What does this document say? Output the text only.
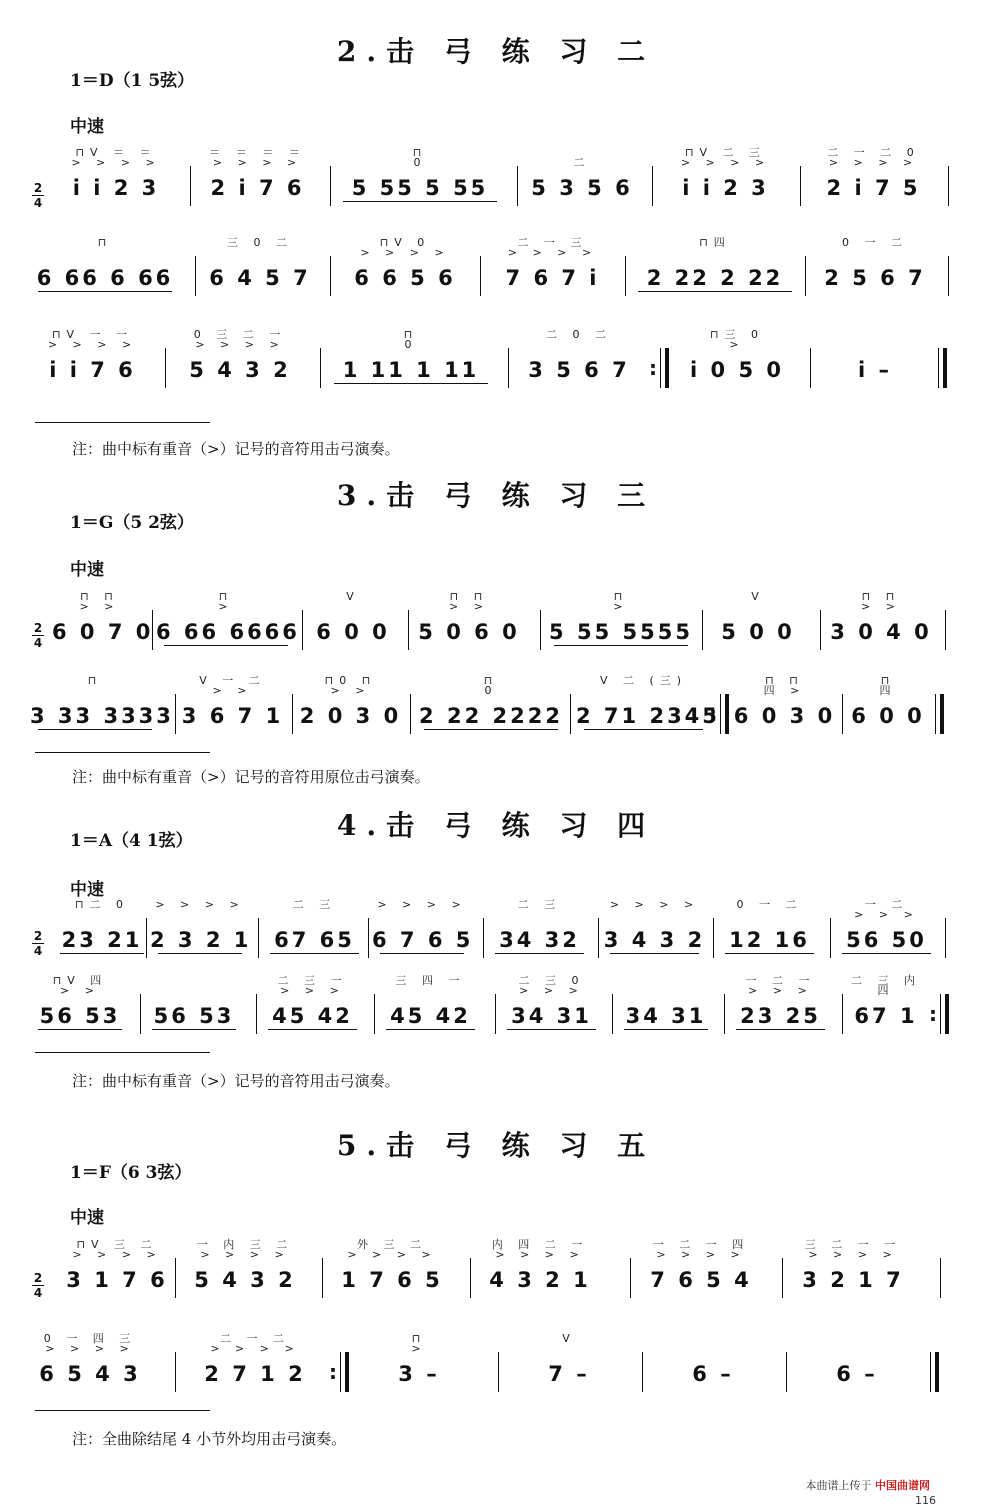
2.击 弓 练 习 二
1＝D（1 5弦）
中速
2
4
⊓V ＝ ＝
> > > >
i i 2 3
＝ ＝ ＝ ＝
> > > >
2 i 7 6
⊓
0
5 55 5 55

二
5 3 5 6
⊓V 二 三
> > > >
i i 2 3
二 一 二 0
> > > >
2 i 7 5
⊓

6 66 6 66
三 0 二

6 4 5 7
⊓V 0
> > > >
6 6 5 6
二 一 三
> > > >
7 6 7 i
⊓四

2 22 2 22
0 一 二

2 5 6 7
⊓V 一 一
> > > >
i i 7 6
0 三 二 一
> > > >
5 4 3 2
⊓
0
1 11 1 11
二 0 二

3 5 6 7
:
⊓三 0
>
i 0 5 0

	i –
注：曲中标有重音（>）记号的音符用击弓演奏。
3.击 弓 练 习 三
1＝G（5 2弦）
中速
2
4
⊓ ⊓
> >
6 0 7 0
⊓
>
6 66 6666
V

6 0 0
⊓ ⊓
> >
5 0 6 0
⊓
>
5 55 5555
V

5 0 0
⊓ ⊓
> >
3 0 4 0
⊓

3 33 3333
V 一 二
> >
3 6 7 1
⊓0 ⊓
> >
2 0 3 0
⊓
0
2 22 2222
V 二 (三)

2 71 2345
:
⊓ ⊓
四 >
6 0 3 0
⊓
四
6 0 0
注：曲中标有重音（>）记号的音符用原位击弓演奏。
4.击 弓 练 习 四
1＝A（4 1弦）
中速
2
4
⊓二 0

23 21
> > > >

2 3 2 1
二 三

67 65
> > > >

6 7 6 5
二 三

34 32
> > > >

3 4 3 2
0 一 二

12 16
一 二
> > >
56 50
⊓V 四
> >
56 53

	56 53
二 三 一
> > >
45 42
三 四 一

45 42
二 三 0
> > >
34 31

	34 31
一 二 一
> > >
23 25
二 三 内
四
67 1
:
注：曲中标有重音（>）记号的音符用击弓演奏。
5.击 弓 练 习 五
1＝F（6 3弦）
中速
2
4
⊓V 三 二
> > > >
3 1 7 6
一 内 三 二
> > > >
5 4 3 2
外 三 二
> > > >
1 7 6 5
内 四 二 一
> > > >
4 3 2 1
一 二 一 四
> > > >
7 6 5 4
三 二 一 一
> > > >
3 2 1 7
0 一 四 三
> > > >
6 5 4 3
二 一 二
> > > >
2 7 1 2
:
⊓
>
3 –
V

7 –

	6 –

	6 –
注：全曲除结尾 4 小节外均用击弓演奏。
本曲谱上传于 中国曲谱网
116
